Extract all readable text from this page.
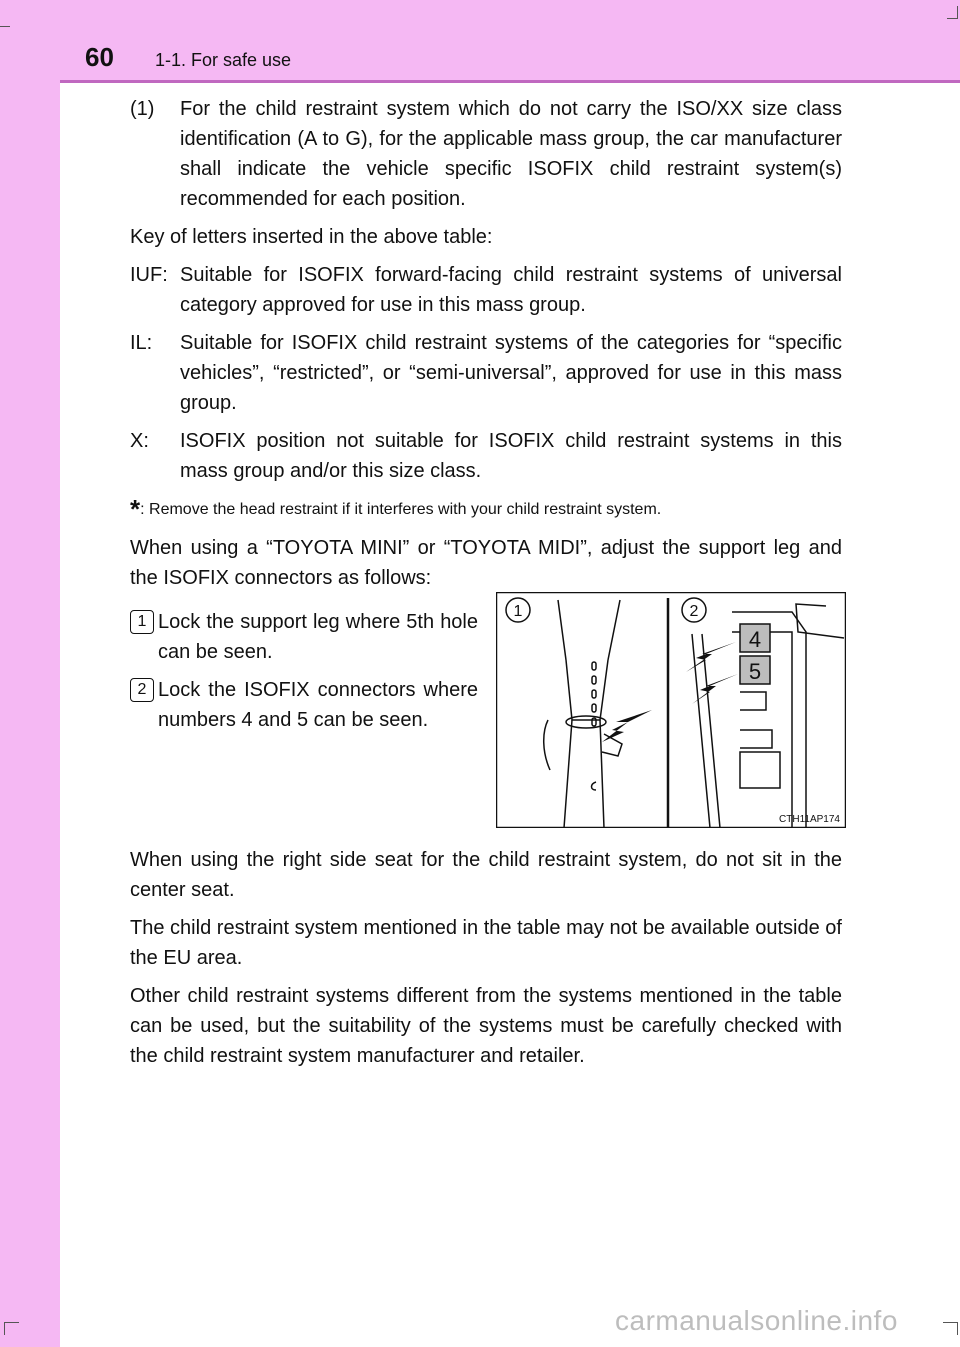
60 1-1. For safe use
(1)	For the child restraint system which do not carry the ISO/XX size class identification (A to G), for the applicable mass group, the car manufacturer shall indicate the vehicle specific ISOFIX child restraint system(s) recommended for each position.

Key of letters inserted in the above table:

IUF: Suitable for ISOFIX forward-facing child restraint systems of universal category approved for use in this mass group.
IL:	Suitable for ISOFIX child restraint systems of the categories for “specific vehicles”, “restricted”, or “semi-universal”, approved for use in this mass group.
X:	ISOFIX position not suitable for ISOFIX child restraint systems in this mass group and/or this size class.

*: Remove the head restraint if it interferes with your child restraint system.

When using a “TOYOTA MINI” or “TOYOTA MIDI”, adjust the support leg and the ISOFIX connectors as follows:

1 Lock the support leg where 5th hole can be seen.
2 Lock the ISOFIX connectors where numbers 4 and 5 can be seen.

When using the right side seat for the child restraint system, do not sit in the center seat.

The child restraint system mentioned in the table may not be available outside of the EU area.

Other child restraint systems different from the systems mentioned in the table can be used, but the suitability of the systems must be carefully checked with the child restraint system manufacturer and retailer.

4
5
1	2
CTH11AP174
carmanualsonline.info
